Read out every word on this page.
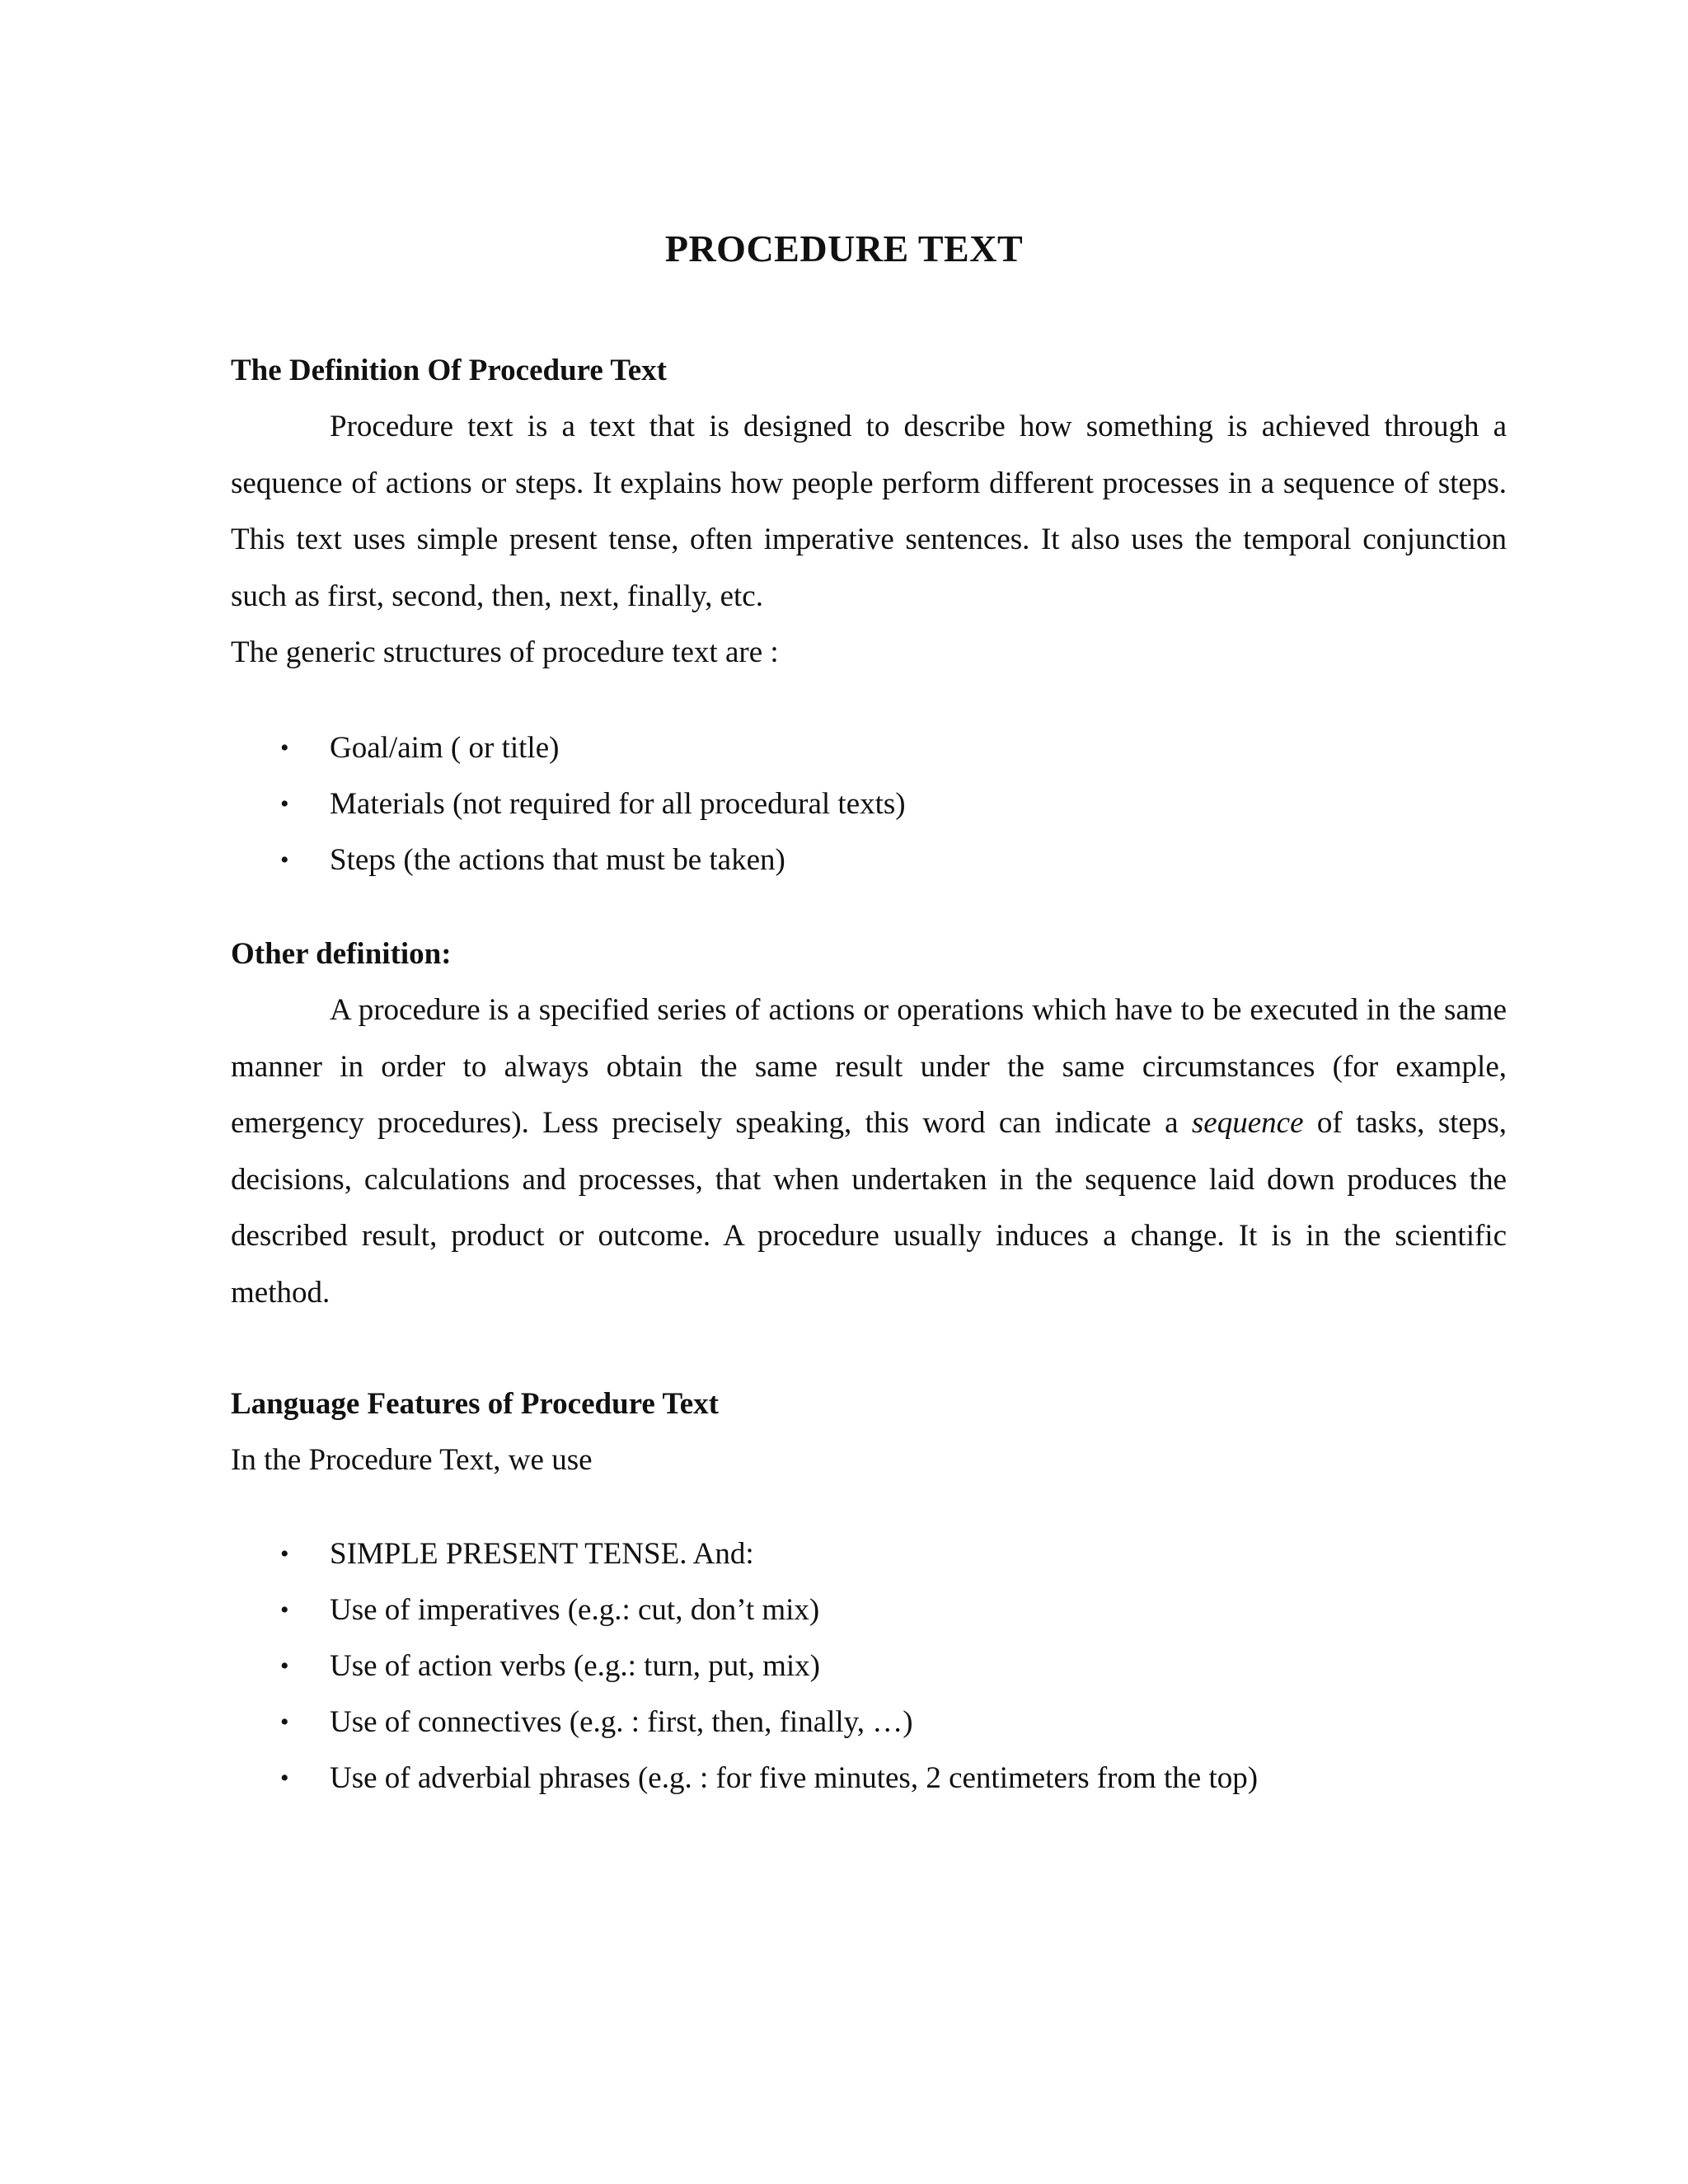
PROCEDURE TEXT

The Definition Of Procedure Text

Procedure text is a text that is designed to describe how something is achieved through a sequence of actions or steps. It explains how people perform different processes in a sequence of steps. This text uses simple present tense, often imperative sentences. It also uses the temporal conjunction such as first, second, then, next, finally, etc.

The generic structures of procedure text are :

• Goal/aim ( or title)
• Materials (not required for all procedural texts)
• Steps (the actions that must be taken)

Other definition:

A procedure is a specified series of actions or operations which have to be executed in the same manner in order to always obtain the same result under the same circumstances (for example, emergency procedures). Less precisely speaking, this word can indicate a sequence of tasks, steps, decisions, calculations and processes, that when undertaken in the sequence laid down produces the described result, product or outcome. A procedure usually induces a change. It is in the scientific method.

Language Features of Procedure Text

In the Procedure Text, we use

• SIMPLE PRESENT TENSE. And:
• Use of imperatives (e.g.: cut, don’t mix)
• Use of action verbs (e.g.: turn, put, mix)
• Use of connectives (e.g. : first, then, finally, …)
• Use of adverbial phrases (e.g. : for five minutes, 2 centimeters from the top)
